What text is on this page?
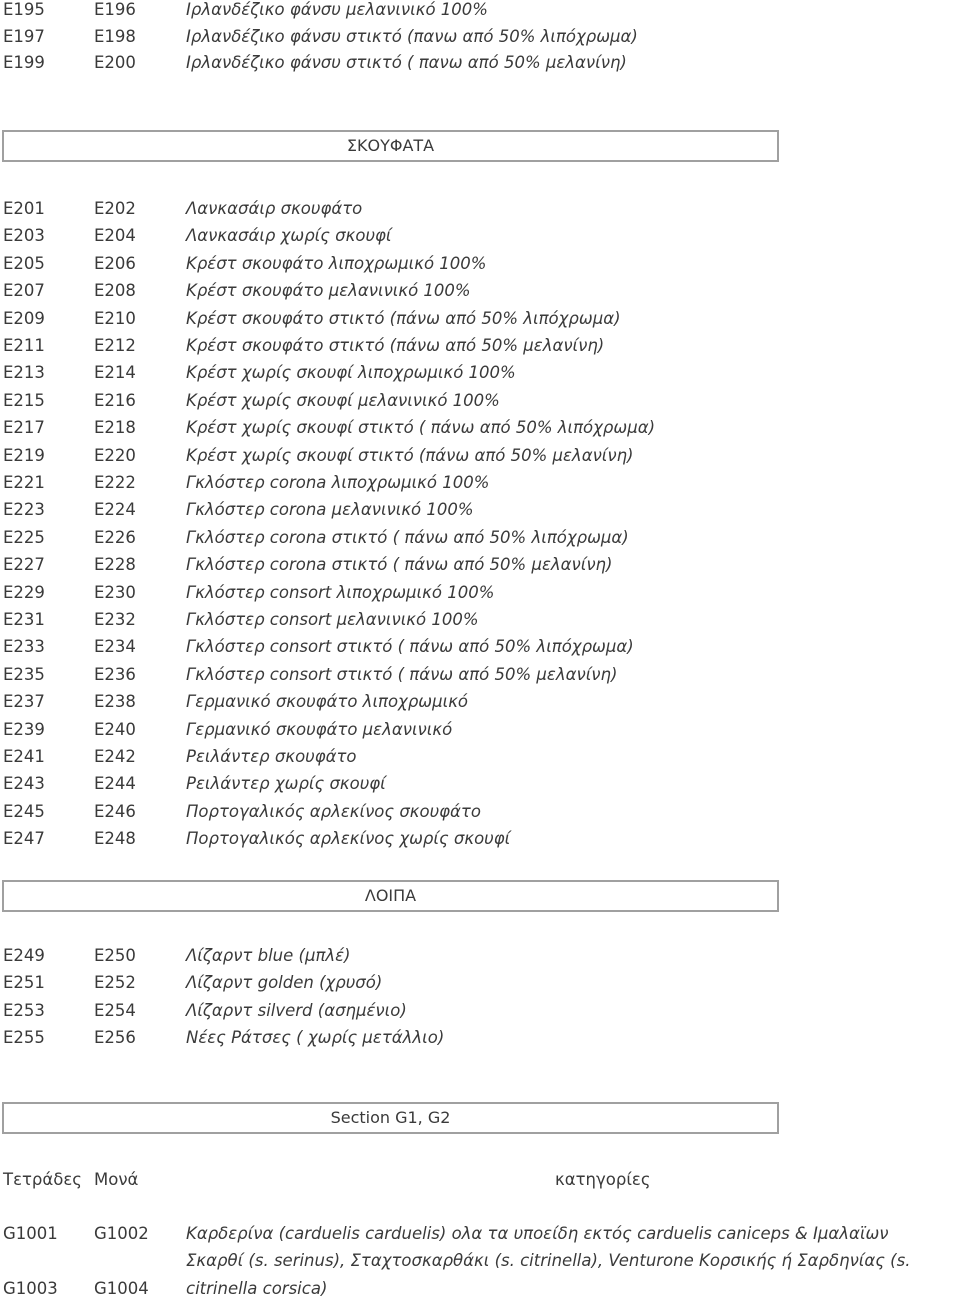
E195	E196	Ιρλανδέζικο φάνσυ μελανινικό 100%
E197	E198	Ιρλανδέζικο φάνσυ στικτό (πανω από 50% λιπόχρωμα)
E199	E200	Ιρλανδέζικο φάνσυ στικτό ( πανω από 50% μελανίνη)
ΣΚΟΥΦΑΤΑ
E201	E202	Λανκασάιρ σκουφάτο
E203	E204	Λανκασάιρ χωρίς σκουφί
E205	E206	Κρέστ σκουφάτο λιποχρωμικό 100%
E207	E208	Κρέστ σκουφάτο μελανινικό 100%
E209	E210	Κρέστ σκουφάτο στικτό (πάνω από 50% λιπόχρωμα)
E211	E212	Κρέστ σκουφάτο στικτό (πάνω από 50% μελανίνη)
E213	E214	Κρέστ χωρίς σκουφί λιποχρωμικό 100%
E215	E216	Κρέστ χωρίς σκουφί μελανινικό 100%
E217	E218	Κρέστ χωρίς σκουφί στικτό ( πάνω από 50% λιπόχρωμα)
E219	E220	Κρέστ χωρίς σκουφί στικτό (πάνω από 50% μελανίνη)
E221	E222	Γκλόστερ corona λιποχρωμικό 100%
E223	E224	Γκλόστερ corona μελανινικό 100%
E225	E226	Γκλόστερ corona στικτό ( πάνω από 50% λιπόχρωμα)
E227	E228	Γκλόστερ corona στικτό ( πάνω από 50% μελανίνη)
E229	E230	Γκλόστερ consort λιποχρωμικό 100%
E231	E232	Γκλόστερ consort μελανινικό 100%
E233	E234	Γκλόστερ consort στικτό ( πάνω από 50% λιπόχρωμα)
E235	E236	Γκλόστερ consort στικτό ( πάνω από 50% μελανίνη)
E237	E238	Γερμανικό σκουφάτο λιποχρωμικό
E239	E240	Γερμανικό σκουφάτο μελανινικό
E241	E242	Ρειλάντερ σκουφάτο
E243	E244	Ρειλάντερ χωρίς σκουφί
E245	E246	Πορτογαλικός αρλεκίνος σκουφάτο
E247	E248	Πορτογαλικός αρλεκίνος χωρίς σκουφί
ΛΟΙΠΑ
E249	E250	Λίζαρντ blue (μπλέ)
E251	E252	Λίζαρντ golden (χρυσό)
E253	E254	Λίζαρντ silverd (ασημένιο)
E255	E256	Νέες Ράτσες ( χωρίς μετάλλιο)
Section G1, G2
Τετράδες Μονά	κατηγορίες
G1001 G1002 Καρδερίνα (carduelis carduelis) ολα τα υποείδη εκτός carduelis caniceps & Ιμαλαϊων
Σκαρθί (s. serinus), Σταχτοσκαρθάκι (s. citrinella), Venturone Κορσικής ή Σαρδηνίας (s.
G1003 G1004 citrinella corsica)
